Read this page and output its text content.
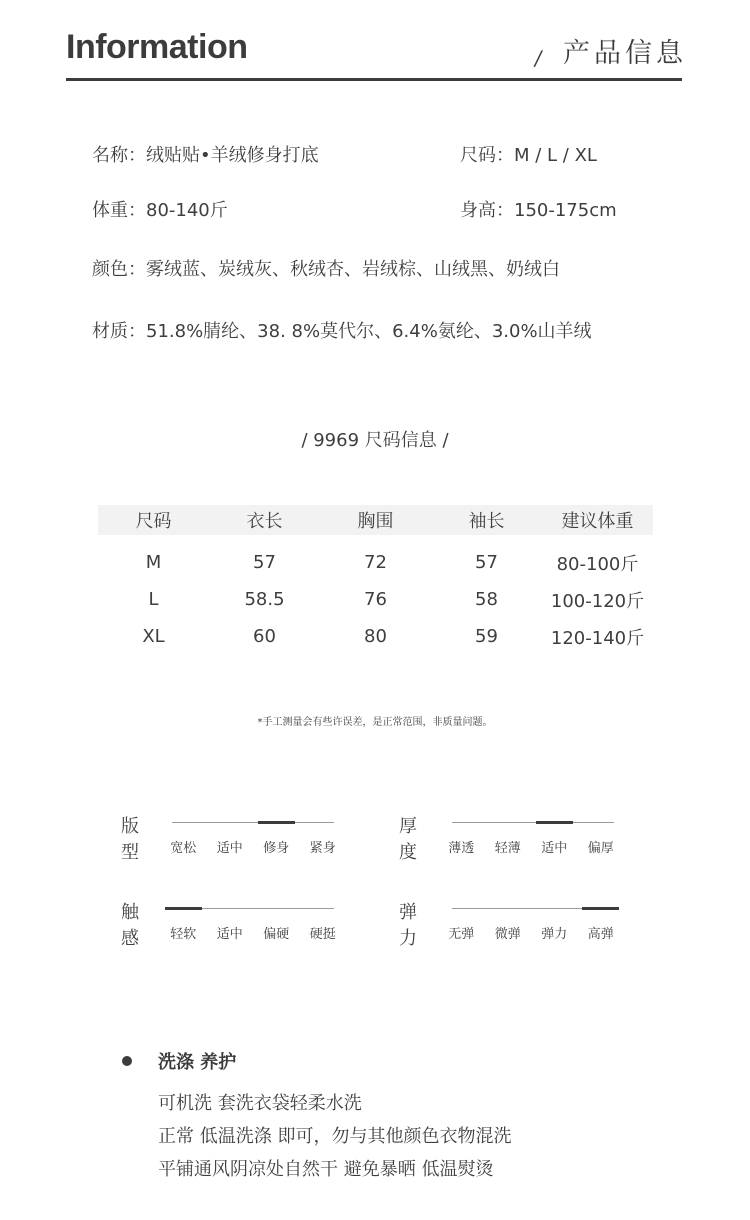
Information	/ 产品信息
名称：绒贴贴•羊绒修身打底	尺码：M / L / XL
体重：80-140斤	身高：150-175cm
颜色：雾绒蓝、炭绒灰、秋绒杏、岩绒棕、山绒黑、奶绒白
材质：51.8%腈纶、38. 8%莫代尔、6.4%氨纶、3.0%山羊绒
/ 9969 尺码信息 /
尺码	衣长	胸围	袖长	建议体重
M	57	72	57	80-100斤
L	58.5	76	58	100-120斤
XL	60	80	59	120-140斤
*手工测量会有些许误差，是正常范围，非质量问题。
版型	宽松	适中	修身	紧身
厚度	薄透	轻薄	适中	偏厚
触感	轻软	适中	偏硬	硬挺
弹力	无弹	微弹	弹力	高弹
洗涤 养护
可机洗 套洗衣袋轻柔水洗
正常 低温洗涤 即可，勿与其他颜色衣物混洗
平铺通风阴凉处自然干 避免暴晒 低温熨烫
